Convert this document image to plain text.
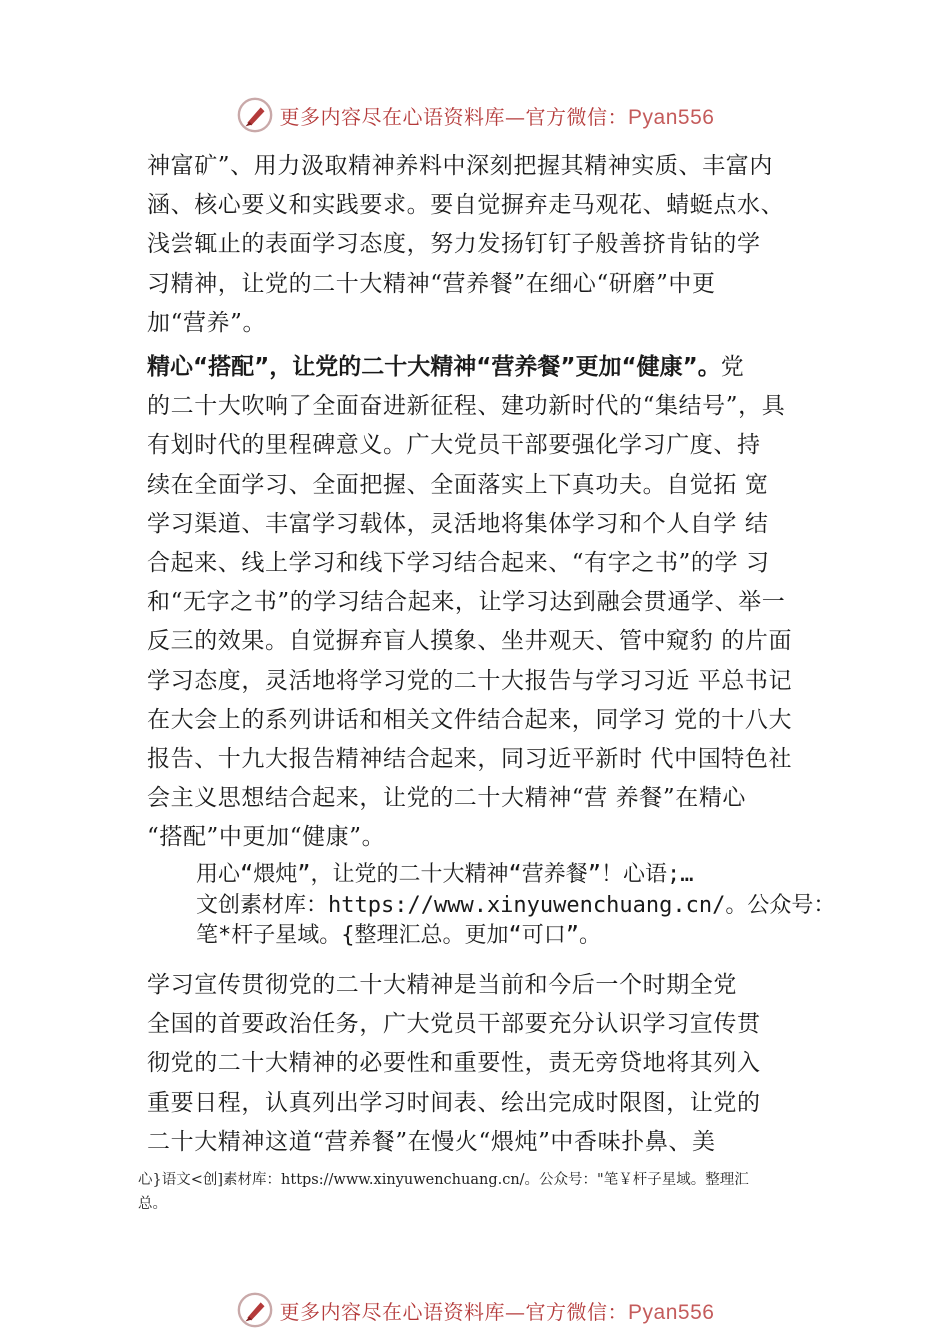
更多内容尽在心语资料库—官方微信：Pyan556

神富矿”、用力汲取精神养料中深刻把握其精神实质、丰富内
涵、核心要义和实践要求。要自觉摒弃走马观花、蜻蜓点水、
浅尝辄止的表面学习态度，努力发扬钉钉子般善挤肯钻的学
习精神，让党的二十大精神“营养餐”在细心“研磨”中更
加“营养”。

精心“搭配”，让党的二十大精神“营养餐”更加“健康”。党
的二十大吹响了全面奋进新征程、建功新时代的“集结号”，具
有划时代的里程碑意义。广大党员干部要强化学习广度、持
续在全面学习、全面把握、全面落实上下真功夫。自觉拓 宽
学习渠道、丰富学习载体，灵活地将集体学习和个人自学 结
合起来、线上学习和线下学习结合起来、“有字之书”的学 习
和“无字之书”的学习结合起来，让学习达到融会贯通学、举一
反三的效果。自觉摒弃盲人摸象、坐井观天、管中窥豹 的片面
学习态度，灵活地将学习党的二十大报告与学习习近 平总书记
在大会上的系列讲话和相关文件结合起来，同学习 党的十八大
报告、十九大报告精神结合起来，同习近平新时 代中国特色社
会主义思想结合起来，让党的二十大精神“营 养餐”在精心
“搭配”中更加“健康”。

用心“煨炖”，让党的二十大精神“营养餐”！心语;…
文创素材库：https://www.xinyuwenchuang.cn/。公众号：
笔*杆子星域。{整理汇总。更加“可口”。

学习宣传贯彻党的二十大精神是当前和今后一个时期全党
全国的首要政治任务，广大党员干部要充分认识学习宣传贯
彻党的二十大精神的必要性和重要性，责无旁贷地将其列入
重要日程，认真列出学习时间表、绘出完成时限图，让党的
二十大精神这道“营养餐”在慢火“煨炖”中香味扑鼻、美

心}语文<创]素材库：https://www.xinyuwenchuang.cn/。公众号："笔￥杆子星域。整理汇
总。

更多内容尽在心语资料库—官方微信：Pyan556
